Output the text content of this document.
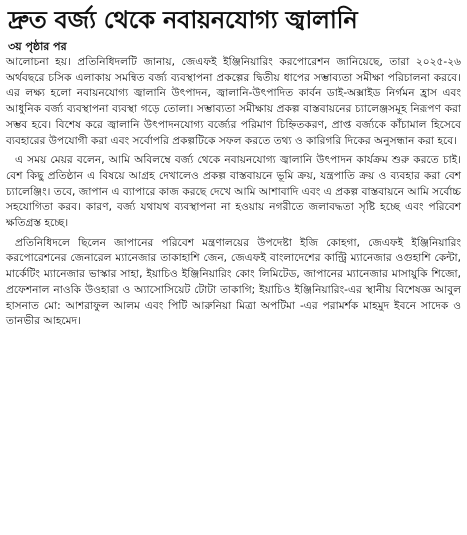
দ্রুত বর্জ্য থেকে নবায়নযোগ্য জ্বালানি
৩য় পৃষ্ঠার পর

আলোচনা হয়। প্রতিনিধিদলটি জানায়, জেএফই ইঞ্জিনিয়ারিং করপোরেশন জানিয়েছে, তারা ২০২৫-২৬ অর্থবছরে চসিক এলাকায় সমন্বিত বর্জ্য ব্যবস্থাপনা প্রকল্পের দ্বিতীয় ধাপের সম্ভাব্যতা সমীক্ষা পরিচালনা করবে। এর লক্ষ্য হলো নবায়নযোগ্য জ্বালানি উৎপাদন, জ্বালানি-উৎপাদিত কার্বন ডাই-অক্সাইড নির্গমন হ্রাস এবং আধুনিক বর্জ্য ব্যবস্থাপনা ব্যবস্থা গড়ে তোলা। সম্ভাব্যতা সমীক্ষায় প্রকল্প বাস্তবায়নের চ্যালেঞ্জসমূহ নিরূপণ করা সম্ভব হবে। বিশেষ করে জ্বালানি উৎপাদনযোগ্য বর্জ্যের পরিমাণ চিহ্নিতকরণ, প্রাপ্ত বর্জ্যকে কাঁচামাল হিসেবে ব্যবহারের উপযোগী করা এবং সর্বোপরি প্রকল্পটিকে সফল করতে তথ্য ও কারিগরি দিকের অনুসন্ধান করা হবে।

এ সময় মেয়র বলেন, আমি অবিলম্বে বর্জ্য থেকে নবায়নযোগ্য জ্বালানি উৎপাদন কার্যক্রম শুরু করতে চাই। বেশ কিছু প্রতিষ্ঠান এ বিষয়ে আগ্রহ দেখালেও প্রকল্প বাস্তবায়নে ভূমি ক্রয়, যন্ত্রপাতি ক্রয় ও ব্যবহার করা বেশ চ্যালেঞ্জিং। তবে, জাপান এ ব্যাপারে কাজ করছে দেখে আমি আশাবাদি এবং এ প্রকল্প বাস্তবায়নে আমি সর্বোচ্চ সহযোগিতা করব। কারণ, বর্জ্য যথাযথ ব্যবস্থাপনা না হওয়ায় নগরীতে জলাবদ্ধতা সৃষ্টি হচ্ছে এবং পরিবেশ ক্ষতিগ্রস্ত হচ্ছে।

প্রতিনিধিদলে ছিলেন জাপানের পরিবেশ মন্ত্রণালয়ের উপদেষ্টা ইজি কোহগা, জেএফই ইঞ্জিনিয়ারিং করপোরেশনের জেনারেল ম্যানেজার তাকাহাশি জেন, জেএফই বাংলাদেশের কান্ট্রি ম্যানেজার ওগুহাশি কেন্টা, মার্কেটিং ম্যানেজার ভাস্কার সাহা, ইয়াচিও ইঞ্জিনিয়ারিং কোং লিমিটেড, জাপানের ম্যানেজার মাসায়ুকি শিজো, প্রফেশনাল নাওকি উওহারা ও অ্যাসোসিয়েট টোটা তাকাগি; ইয়াচিও ইঞ্জিনিয়ারিং-এর স্থানীয় বিশেষজ্ঞ আবুল হাসনাত মো: আশরাফুল আলম এবং পিটি আরুনিয়া মিত্রা অপটিমা -এর পরামর্শক মাহমুদ ইবনে সাদেক ও তানভীর আহমেদ।
